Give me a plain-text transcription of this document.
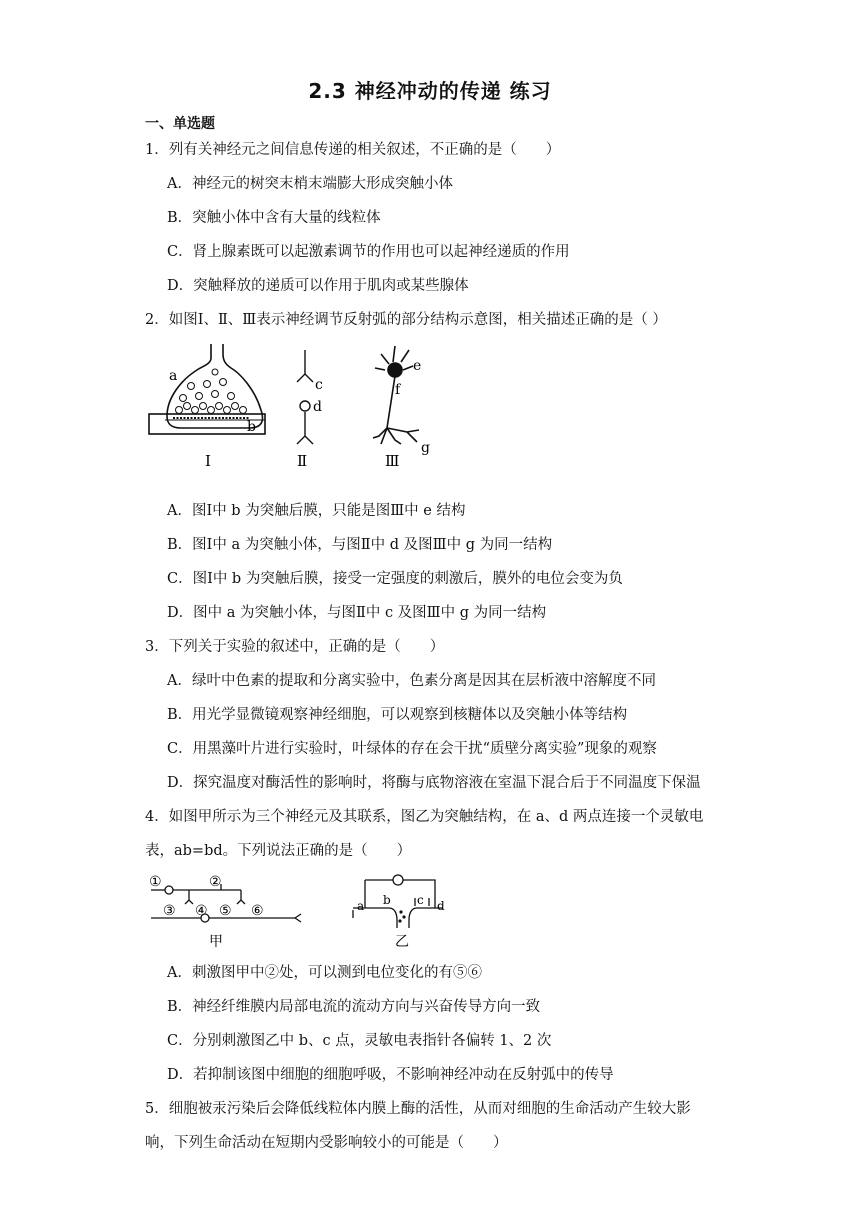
2.3 神经冲动的传递 练习
一、单选题
1．列有关神经元之间信息传递的相关叙述，不正确的是（　　）
A．神经元的树突末梢末端膨大形成突触小体
B．突触小体中含有大量的线粒体
C．肾上腺素既可以起激素调节的作用也可以起神经递质的作用
D．突触释放的递质可以作用于肌肉或某些腺体
2．如图Ⅰ、Ⅱ、Ⅲ表示神经调节反射弧的部分结构示意图，相关描述正确的是（ ）
a
b
Ⅰ
c
d
Ⅱ
e
f
g
Ⅲ
A．图Ⅰ中 b 为突触后膜，只能是图Ⅲ中 e 结构
B．图Ⅰ中 a 为突触小体，与图Ⅱ中 d 及图Ⅲ中 g 为同一结构
C．图Ⅰ中 b 为突触后膜，接受一定强度的刺激后，膜外的电位会变为负
D．图中 a 为突触小体，与图Ⅱ中 c 及图Ⅲ中 g 为同一结构
3．下列关于实验的叙述中，正确的是（　　）
A．绿叶中色素的提取和分离实验中，色素分离是因其在层析液中溶解度不同
B．用光学显微镜观察神经细胞，可以观察到核糖体以及突触小体等结构
C．用黑藻叶片进行实验时，叶绿体的存在会干扰“质壁分离实验”现象的观察
D．探究温度对酶活性的影响时，将酶与底物溶液在室温下混合后于不同温度下保温
4．如图甲所示为三个神经元及其联系，图乙为突触结构，在 a、d 两点连接一个灵敏电
表，ab=bd。下列说法正确的是（　　）
①	②
③ ④ ⑤ ⑥
甲
a b c d
乙
A．刺激图甲中②处，可以测到电位变化的有⑤⑥
B．神经纤维膜内局部电流的流动方向与兴奋传导方向一致
C．分别刺激图乙中 b、c 点，灵敏电表指针各偏转 1、2 次
D．若抑制该图中细胞的细胞呼吸，不影响神经冲动在反射弧中的传导
5．细胞被汞污染后会降低线粒体内膜上酶的活性，从而对细胞的生命活动产生较大影
响，下列生命活动在短期内受影响较小的可能是（　　）
